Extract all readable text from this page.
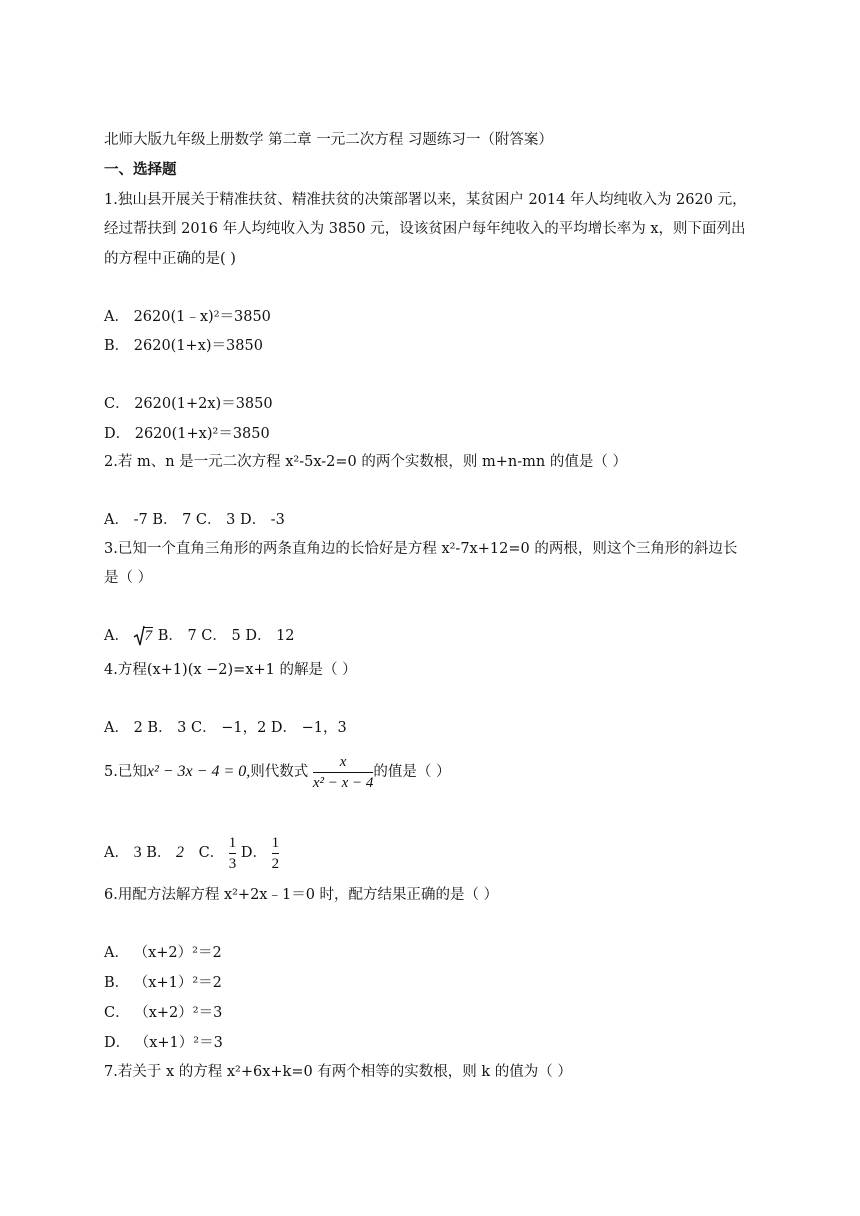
北师大版九年级上册数学 第二章 一元二次方程 习题练习一（附答案）
一、选择题
1.独山县开展关于精准扶贫、精准扶贫的决策部署以来，某贫困户 2014 年人均纯收入为 2620 元，
经过帮扶到 2016 年人均纯收入为 3850 元，设该贫困户每年纯收入的平均增长率为 x，则下面列出
的方程中正确的是( )
A． 2620(1﹣x)²＝3850
B． 2620(1+x)＝3850
C． 2620(1+2x)＝3850
D． 2620(1+x)²＝3850
2.若 m、n 是一元二次方程 x²-5x-2=0 的两个实数根，则 m+n-mn 的值是（ ）
A． -7 B． 7 C． 3 D． -3
3.已知一个直角三角形的两条直角边的长恰好是方程 x²-7x+12=0 的两根，则这个三角形的斜边长
是（ ）
A． 7 B． 7 C． 5 D． 12
4.方程(x+1)(x −2)=x+1 的解是（ ）
A． 2 B． 3 C． −1，2 D． −1，3
5.已知x² − 3x − 4 = 0,则代数式 $\frac{x}{\text{x² − x − 4}}$ 的值是（ ）
A． 3 B． 2 C． $\frac{1}{3}$ D． $\frac{1}{2}$
6.用配方法解方程 x²+2x﹣1＝0 时，配方结果正确的是（ ）
A． （x+2）²＝2
B． （x+1）²＝2
C． （x+2）²＝3
D． （x+1）²＝3
7.若关于 x 的方程 x²+6x+k=0 有两个相等的实数根，则 k 的值为（ ）
